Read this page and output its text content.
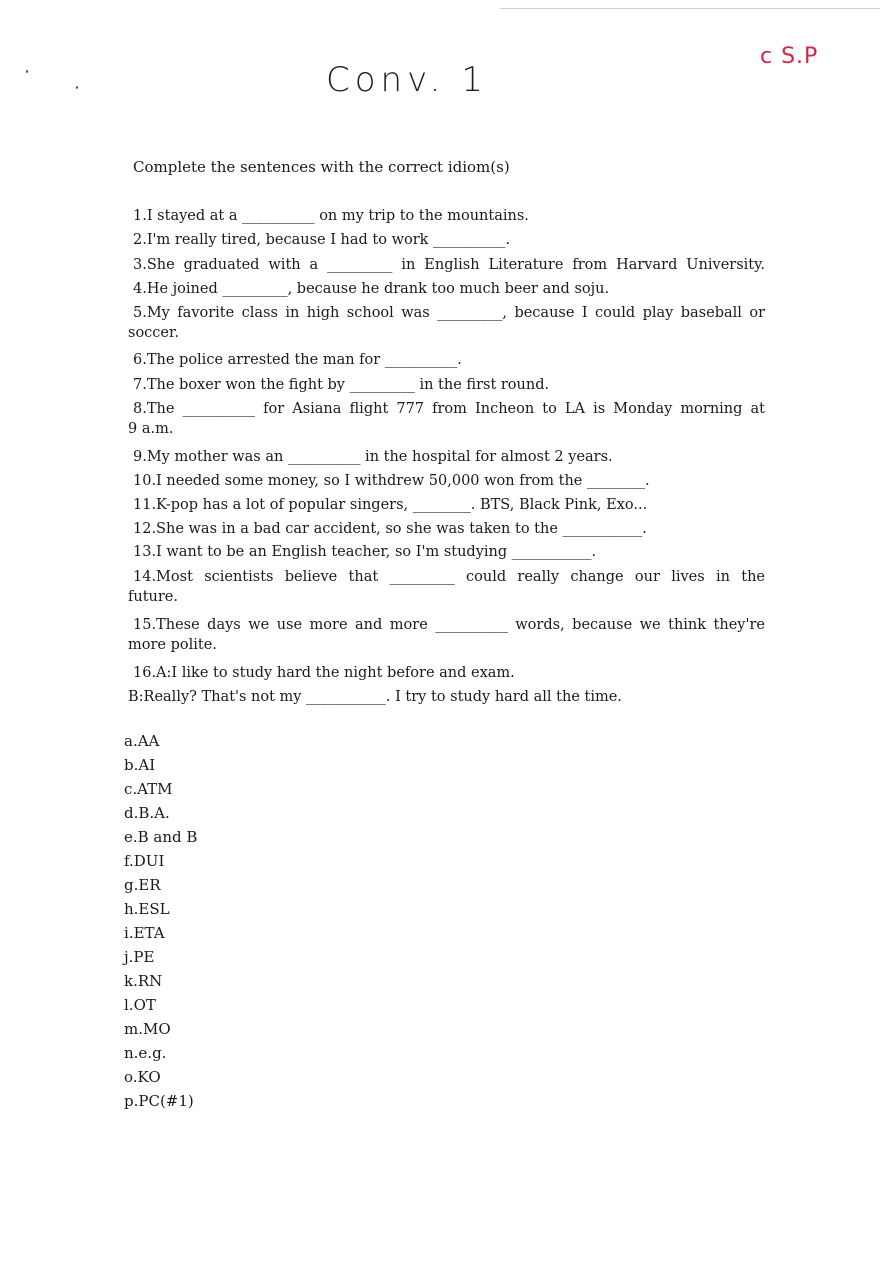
Conv. 1
c S.P
Complete the sentences with the correct idiom(s)
1.I stayed at a __________ on my trip to the mountains.
2.I'm really tired, because I had to work __________.
3.She graduated with a _________ in English Literature from Harvard University.
4.He joined _________, because he drank too much beer and soju.
5.My favorite class in high school was _________, because I could play baseball or
soccer.
6.The police arrested the man for __________.
7.The boxer won the fight by _________ in the first round.
8.The __________ for Asiana flight 777 from Incheon to LA is Monday morning at
9 a.m.
9.My mother was an __________ in the hospital for almost 2 years.
10.I needed some money, so I withdrew 50,000 won from the ________.
11.K-pop has a lot of popular singers, ________. BTS, Black Pink, Exo...
12.She was in a bad car accident, so she was taken to the ___________.
13.I want to be an English teacher, so I'm studying ___________.
14.Most scientists believe that _________ could really change our lives in the
future.
15.These days we use more and more __________ words, because we think they're
more polite.
16.A:I like to study hard the night before and exam.
B:Really? That's not my ___________. I try to study hard all the time.
a.AA
b.AI
c.ATM
d.B.A.
e.B and B
f.DUI
g.ER
h.ESL
i.ETA
j.PE
k.RN
l.OT
m.MO
n.e.g.
o.KO
p.PC(#1)
